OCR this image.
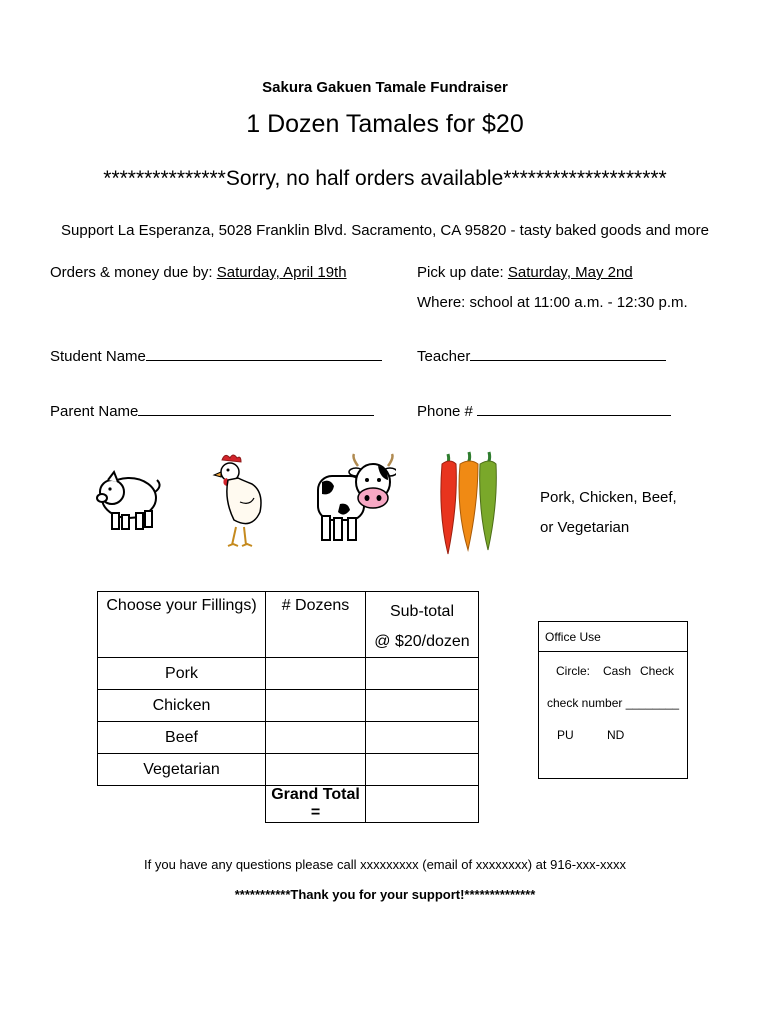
Sakura Gakuen Tamale Fundraiser
1 Dozen Tamales for $20
***************Sorry, no half orders available********************
Support La Esperanza, 5028 Franklin Blvd. Sacramento, CA 95820 - tasty baked goods and more
Orders & money due by: Saturday, April 19th	Pick up date: Saturday, May 2nd
Where: school at 11:00 a.m. - 12:30 p.m.
Student Name	Teacher
Parent Name	Phone #
Pork, Chicken, Beef,
or Vegetarian
Choose your Fillings)	# Dozens	Sub-total
@ $20/dozen

Pork		
Chicken		
Beef		
Vegetarian		
	Grand Total =	
Office Use
Circle: Cash Check
check number ________
PU	ND
If you have any questions please call xxxxxxxxx (email of xxxxxxxx) at 916-xxx-xxxx
***********Thank you for your support!**************
